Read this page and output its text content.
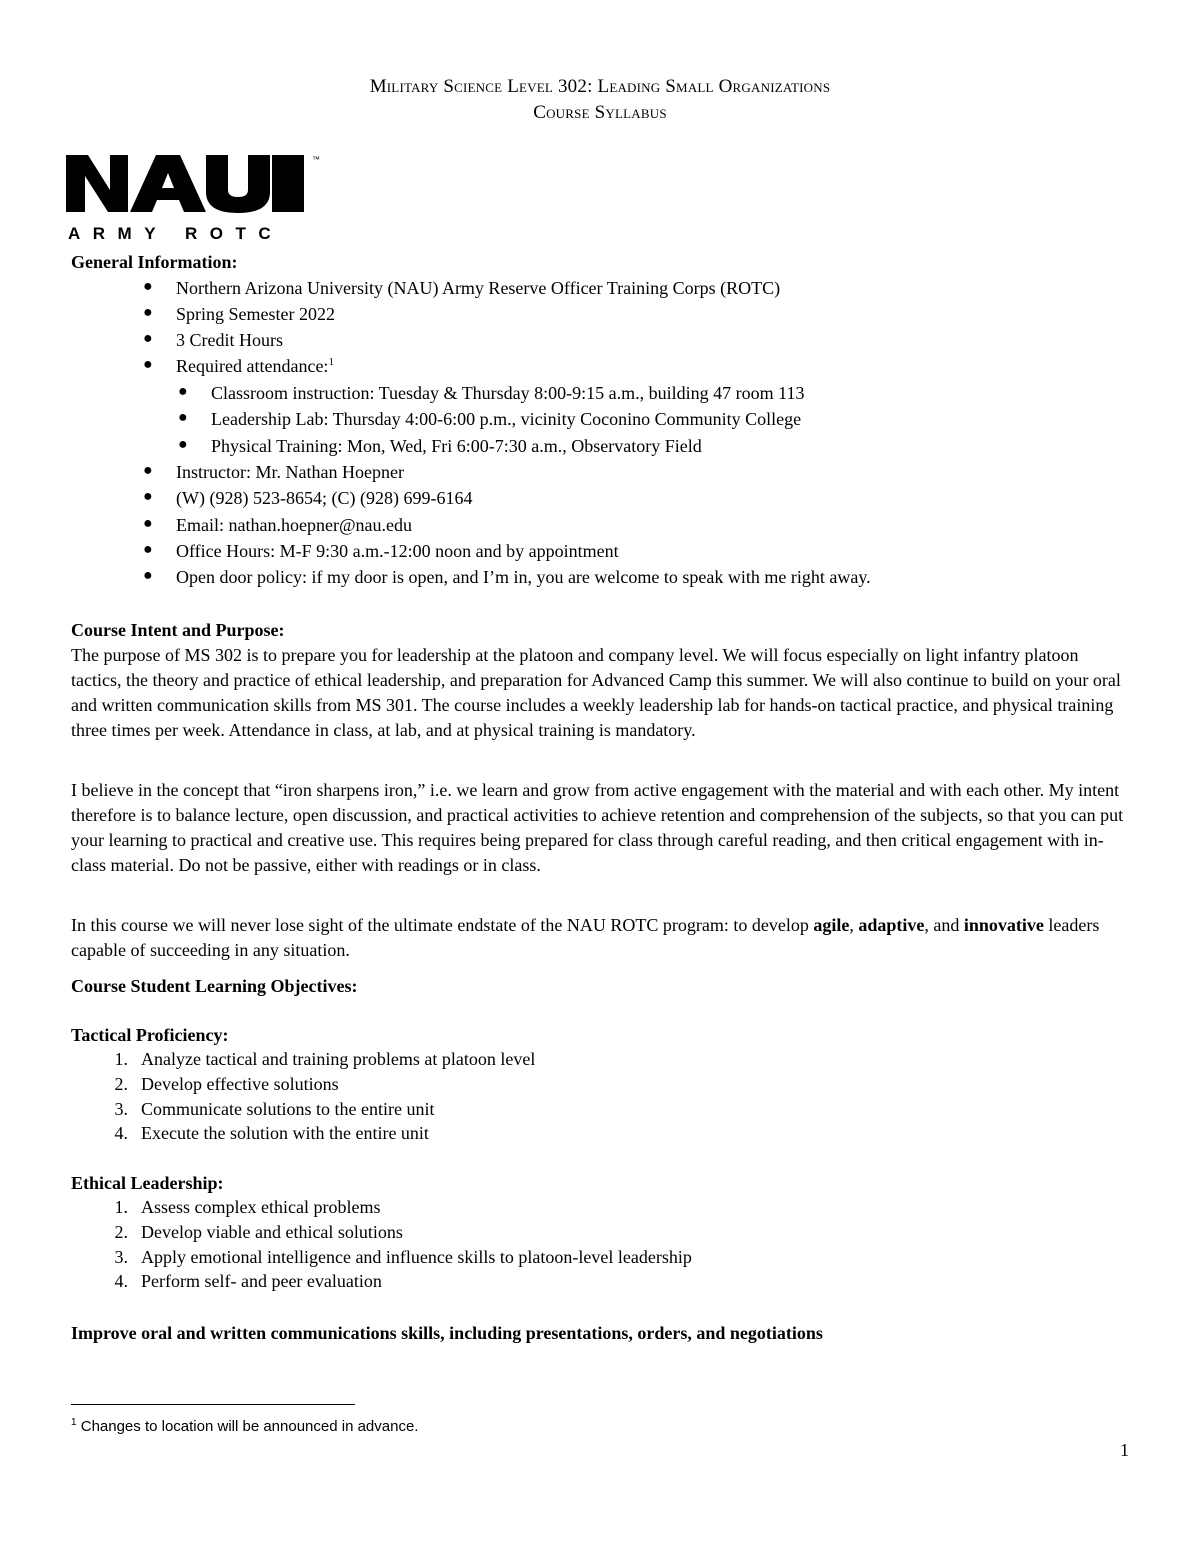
Military Science Level 302: Leading Small Organizations
Course Syllabus
™
ARMY ROTC
General Information:
● Northern Arizona University (NAU) Army Reserve Officer Training Corps (ROTC)
● Spring Semester 2022
● 3 Credit Hours
● Required attendance:$^1$
● Classroom instruction: Tuesday & Thursday 8:00-9:15 a.m., building 47 room 113
● Leadership Lab: Thursday 4:00-6:00 p.m., vicinity Coconino Community College
● Physical Training: Mon, Wed, Fri 6:00-7:30 a.m., Observatory Field
● Instructor: Mr. Nathan Hoepner
● (W) (928) 523-8654; (C) (928) 699-6164
● Email: nathan.hoepner@nau.edu
● Office Hours: M-F 9:30 a.m.-12:00 noon and by appointment
● Open door policy: if my door is open, and I’m in, you are welcome to speak with me right away.
Course Intent and Purpose:
The purpose of MS 302 is to prepare you for leadership at the platoon and company level. We will focus especially on light infantry platoon tactics, the theory and practice of ethical leadership, and preparation for Advanced Camp this summer. We will also continue to build on your oral and written communication skills from MS 301. The course includes a weekly leadership lab for hands-on tactical practice, and physical training three times per week. Attendance in class, at lab, and at physical training is mandatory.
I believe in the concept that “iron sharpens iron,” i.e. we learn and grow from active engagement with the material and with each other. My intent therefore is to balance lecture, open discussion, and practical activities to achieve retention and comprehension of the subjects, so that you can put your learning to practical and creative use. This requires being prepared for class through careful reading, and then critical engagement with in-class material. Do not be passive, either with readings or in class.
In this course we will never lose sight of the ultimate endstate of the NAU ROTC program: to develop agile, adaptive, and innovative leaders capable of succeeding in any situation.
Course Student Learning Objectives:
Tactical Proficiency:
1. Analyze tactical and training problems at platoon level
2. Develop effective solutions
3. Communicate solutions to the entire unit
4. Execute the solution with the entire unit
Ethical Leadership:
1. Assess complex ethical problems
2. Develop viable and ethical solutions
3. Apply emotional intelligence and influence skills to platoon-level leadership
4. Perform self- and peer evaluation
Improve oral and written communications skills, including presentations, orders, and negotiations
$^1$ Changes to location will be announced in advance.
1
